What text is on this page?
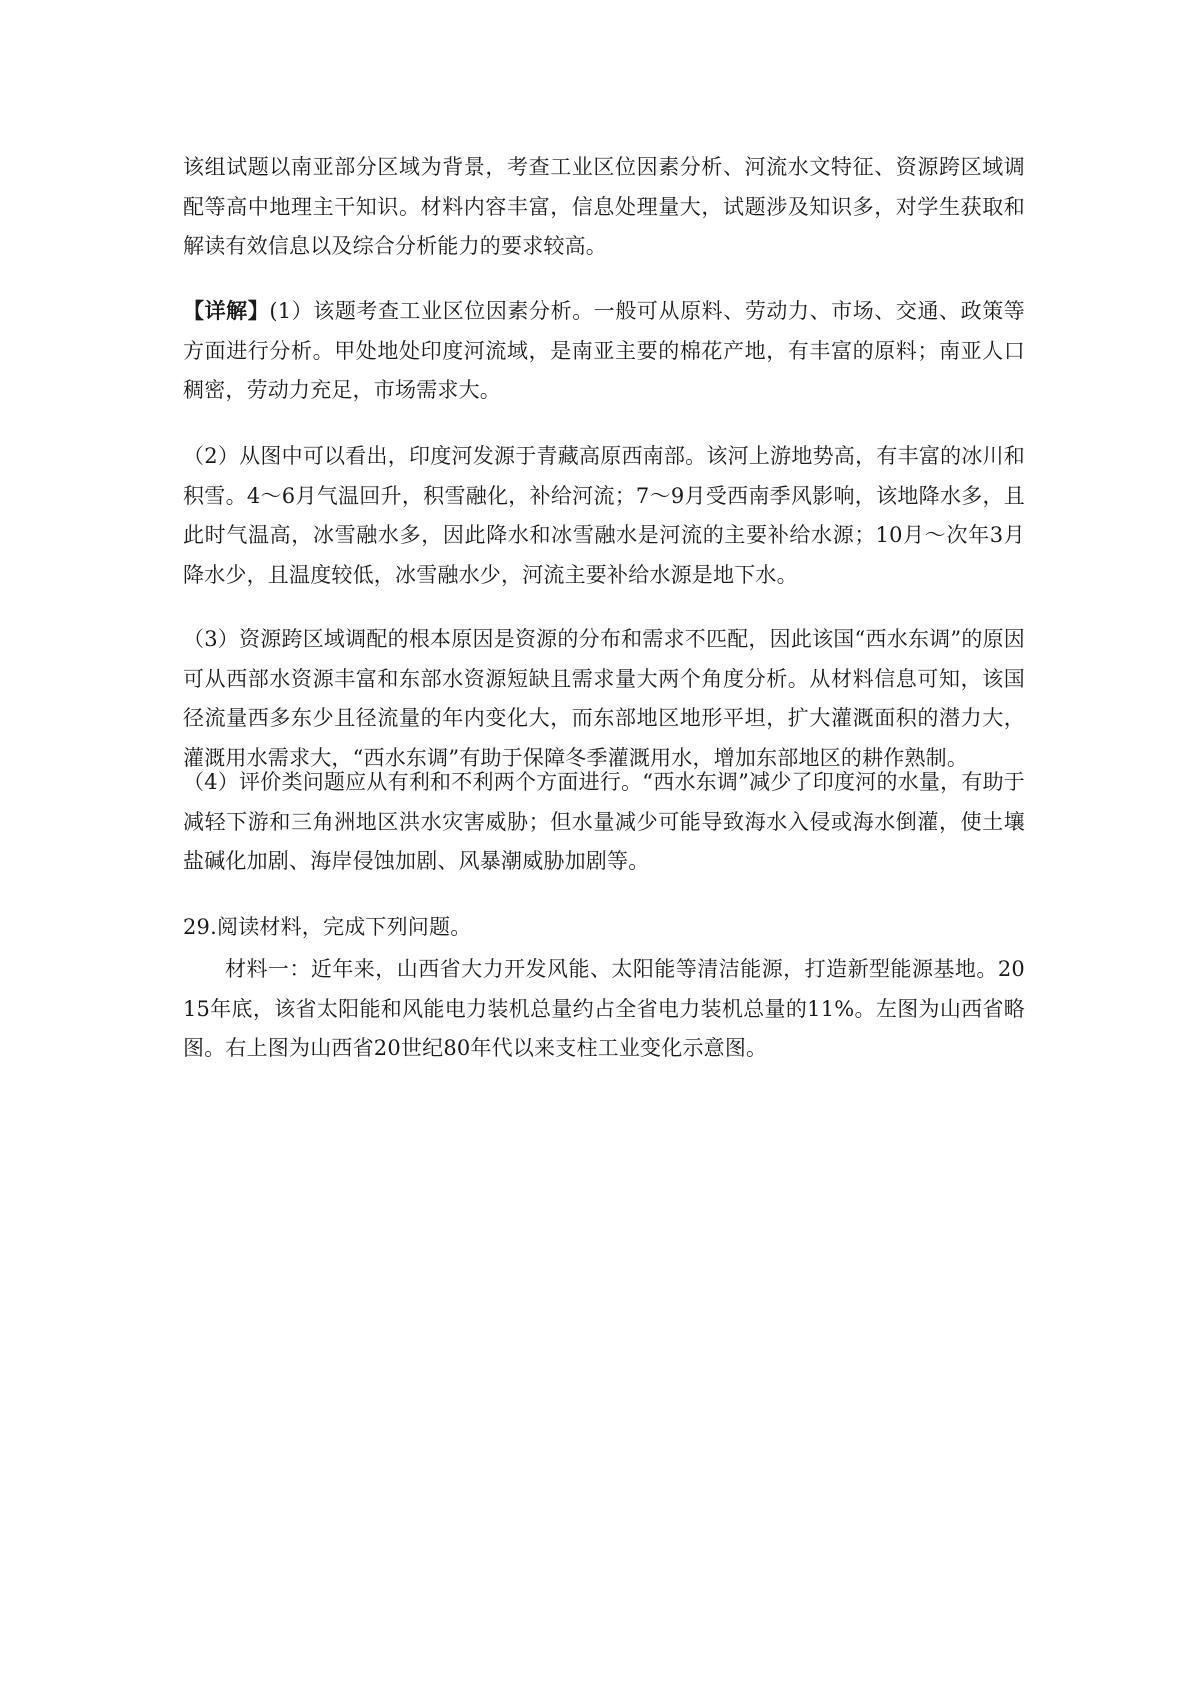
该组试题以南亚部分区域为背景，考查工业区位因素分析、河流水文特征、资源跨区域调配等高中地理主干知识。材料内容丰富，信息处理量大，试题涉及知识多，对学生获取和解读有效信息以及综合分析能力的要求较高。

【详解】(1）该题考查工业区位因素分析。一般可从原料、劳动力、市场、交通、政策等方面进行分析。甲处地处印度河流域，是南亚主要的棉花产地，有丰富的原料；南亚人口稠密，劳动力充足，市场需求大。

（2）从图中可以看出，印度河发源于青藏高原西南部。该河上游地势高，有丰富的冰川和积雪。4～6月气温回升，积雪融化，补给河流；7～9月受西南季风影响，该地降水多，且此时气温高，冰雪融水多，因此降水和冰雪融水是河流的主要补给水源；10月～次年3月降水少，且温度较低，冰雪融水少，河流主要补给水源是地下水。

（3）资源跨区域调配的根本原因是资源的分布和需求不匹配，因此该国“西水东调”的原因可从西部水资源丰富和东部水资源短缺且需求量大两个角度分析。从材料信息可知，该国径流量西多东少且径流量的年内变化大，而东部地区地形平坦，扩大灌溉面积的潜力大，灌溉用水需求大，“西水东调”有助于保障冬季灌溉用水，增加东部地区的耕作熟制。

（4）评价类问题应从有利和不利两个方面进行。“西水东调”减少了印度河的水量，有助于减轻下游和三角洲地区洪水灾害威胁；但水量减少可能导致海水入侵或海水倒灌，使土壤盐碱化加剧、海岸侵蚀加剧、风暴潮威胁加剧等。

29.阅读材料，完成下列问题。

材料一：近年来，山西省大力开发风能、太阳能等清洁能源，打造新型能源基地。2015年底，该省太阳能和风能电力装机总量约占全省电力装机总量的11%。左图为山西省略图。右上图为山西省20世纪80年代以来支柱工业变化示意图。
